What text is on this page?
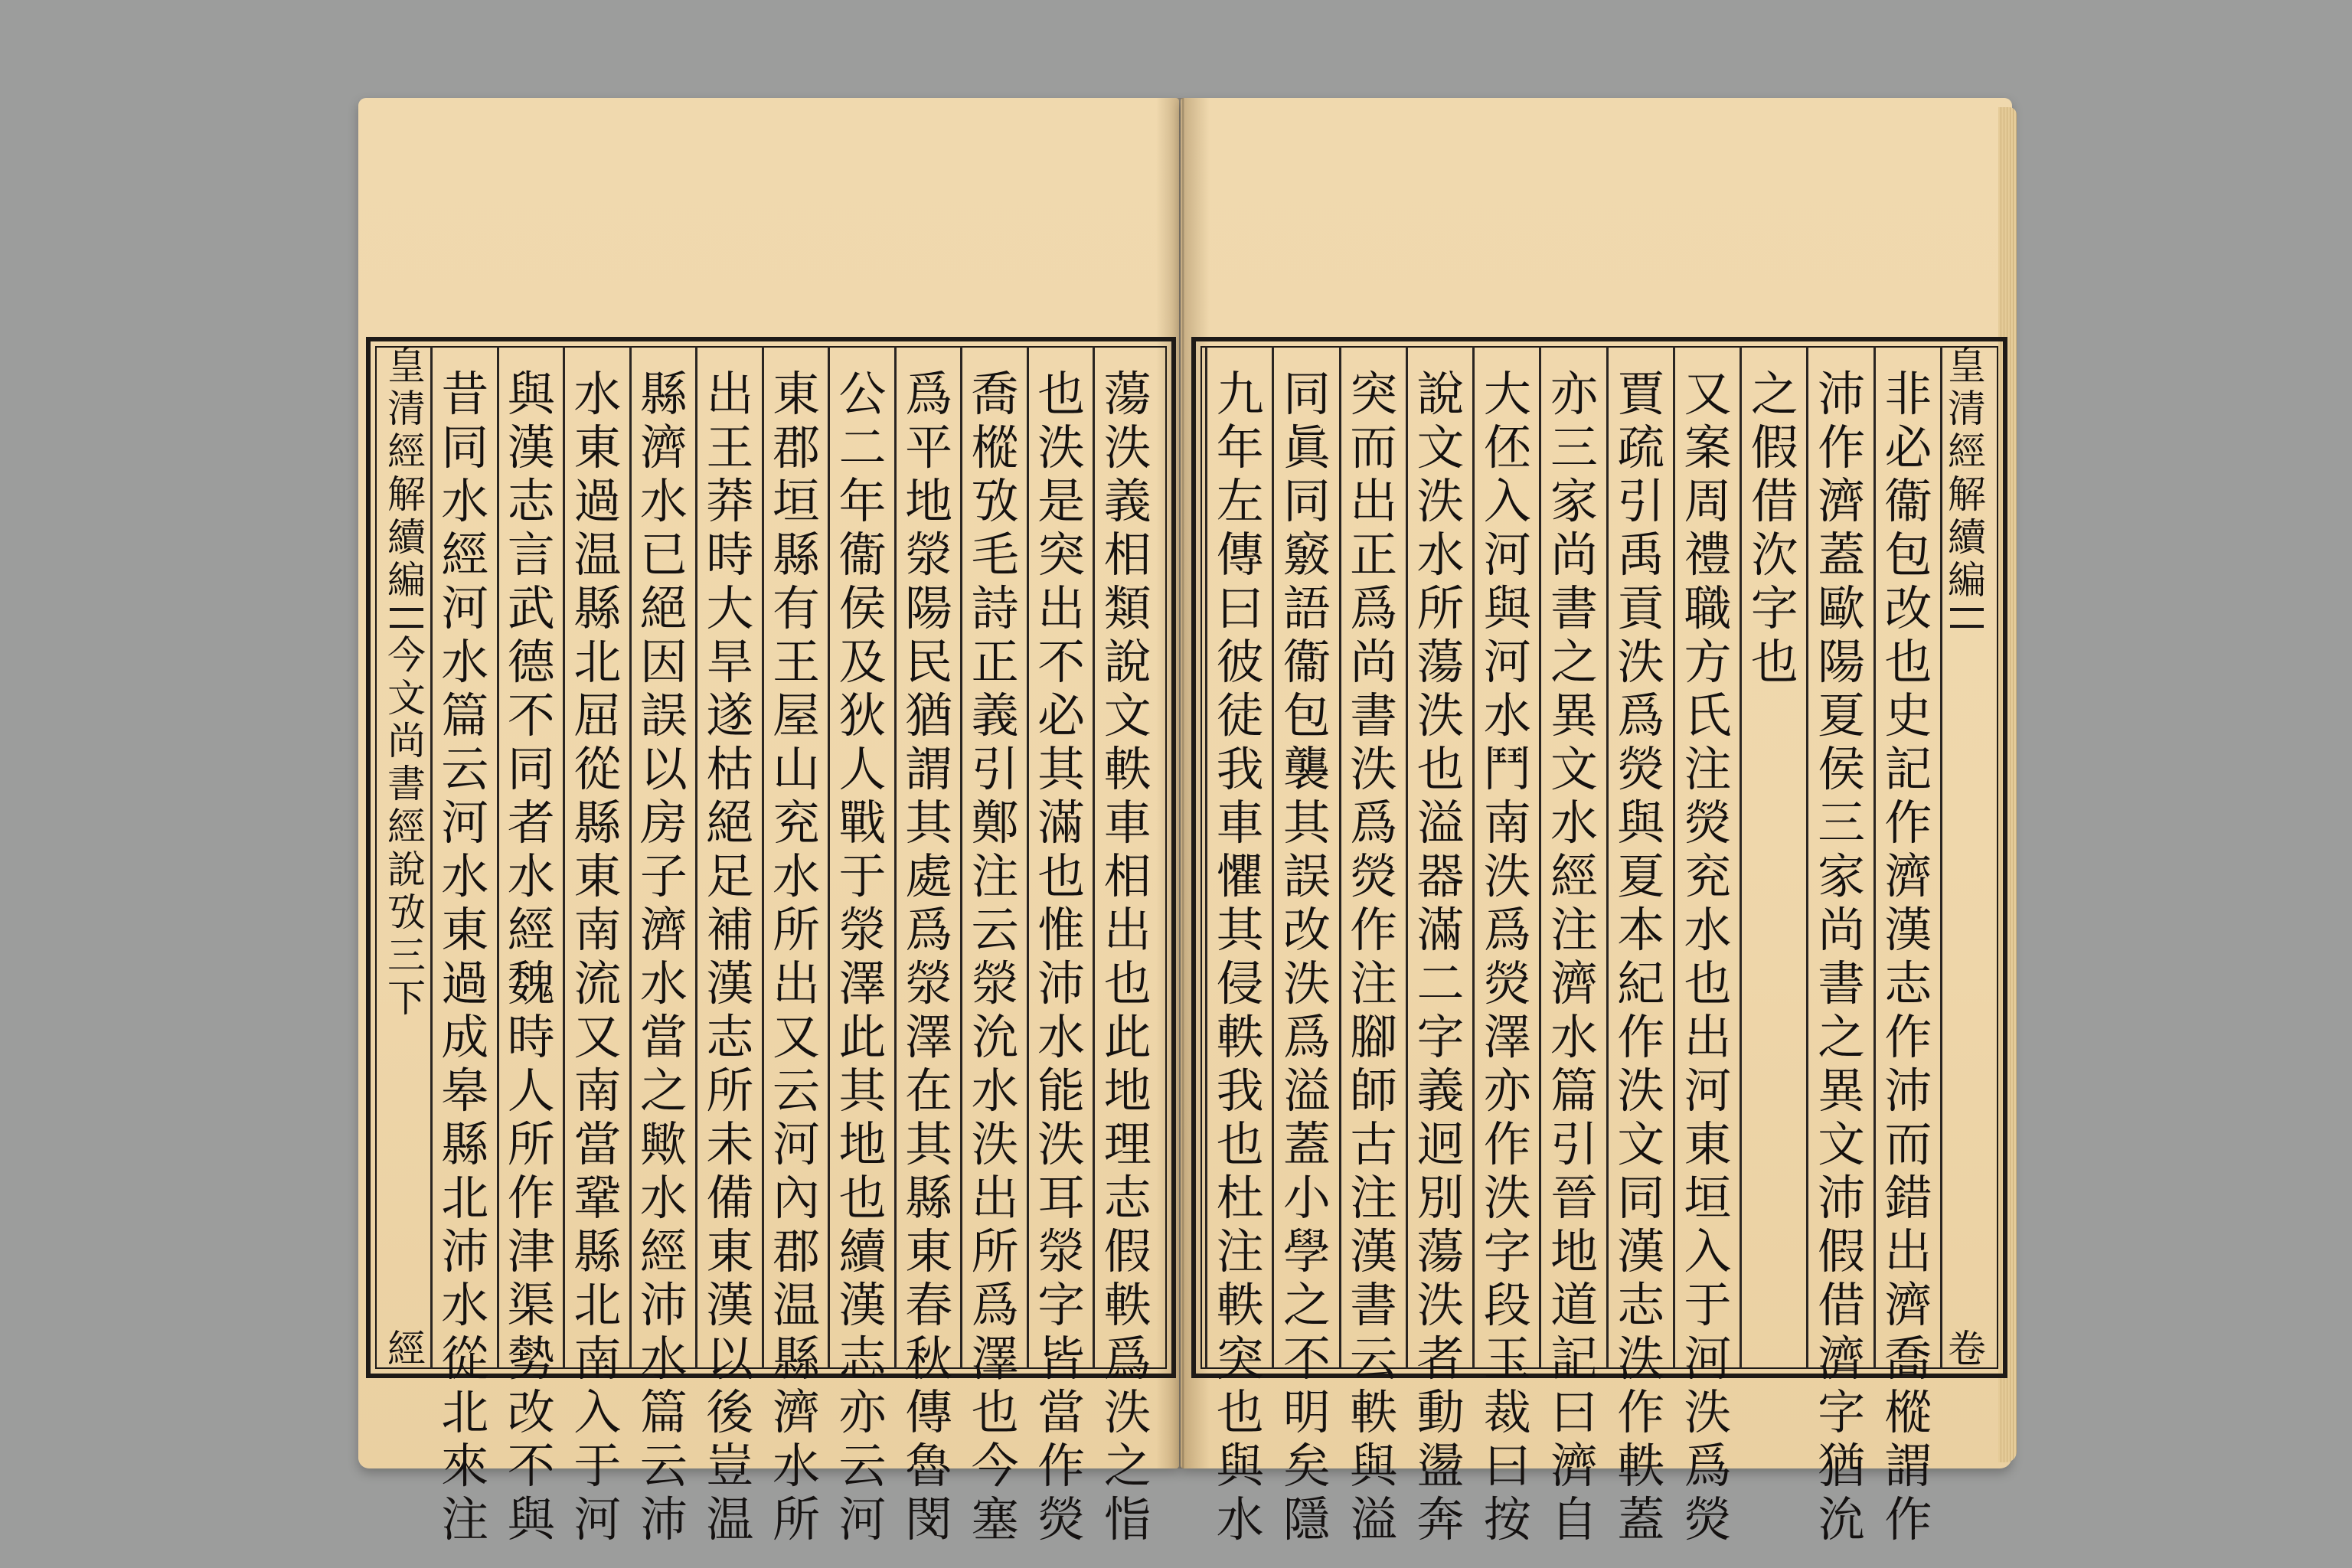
蕩
泆
義
相
類
說
文
軼
車
相
出
也
此
地
理
志
假
軼
爲
泆
之
恉
也
泆
是
突
出
不
必
其
滿
也
惟
沛
水
能
泆
耳
滎
字
皆
當
作
熒
喬
樅
攷
毛
詩
正
義
引
鄭
注
云
滎
沇
水
泆
出
所
爲
澤
也
今
塞
爲
平
地
滎
陽
民
猶
謂
其
處
爲
滎
澤
在
其
縣
東
春
秋
傳
魯
閔
公
二
年
衞
侯
及
狄
人
戰
于
滎
澤
此
其
地
也
續
漢
志
亦
云
河
東
郡
垣
縣
有
王
屋
山
兖
水
所
出
又
云
河
內
郡
温
縣
濟
水
所
出
王
莽
時
大
旱
遂
枯
絕
足
補
漢
志
所
未
備
東
漢
以
後
豈
温
縣
濟
水
已
絕
因
誤
以
房
子
濟
水
當
之
歟
水
經
沛
水
篇
云
沛
水
東
過
温
縣
北
屈
從
縣
東
南
流
又
南
當
鞏
縣
北
南
入
于
河
與
漢
志
言
武
德
不
同
者
水
經
魏
時
人
所
作
津
渠
勢
改
不
與
昔
同
水
經
河
水
篇
云
河
水
東
過
成
皋
縣
北
沛
水
從
北
來
注
皇
清
經
解
續
編
今
文
尚
書
經
說
攷
三
下
經
非
必
衞
包
改
也
史
記
作
濟
漢
志
作
沛
而
錯
出
濟
喬
樅
謂
作
沛
作
濟
蓋
歐
陽
夏
侯
三
家
尚
書
之
異
文
沛
假
借
濟
字
猶
沇
之
假
借
㳄
字
也
又
案
周
禮
職
方
氏
注
熒
兖
水
也
出
河
東
垣
入
于
河
泆
爲
熒
賈
疏
引
禹
貢
泆
爲
熒
與
夏
本
紀
作
泆
文
同
漢
志
泆
作
軼
蓋
亦
三
家
尚
書
之
異
文
水
經
注
濟
水
篇
引
晉
地
道
記
曰
濟
自
大
伾
入
河
與
河
水
鬥
南
泆
爲
熒
澤
亦
作
泆
字
段
玉
裁
曰
按
說
文
泆
水
所
蕩
泆
也
溢
器
滿
二
字
義
迥
別
蕩
泆
者
動
盪
奔
突
而
出
正
爲
尚
書
泆
爲
熒
作
注
腳
師
古
注
漢
書
云
軼
與
溢
同
眞
同
竅
語
衞
包
襲
其
誤
改
泆
爲
溢
蓋
小
學
之
不
明
矣
隱
九
年
左
傳
曰
彼
徒
我
車
懼
其
侵
軼
我
也
杜
注
軼
突
也
與
水
皇
清
經
解
續
編
卷
